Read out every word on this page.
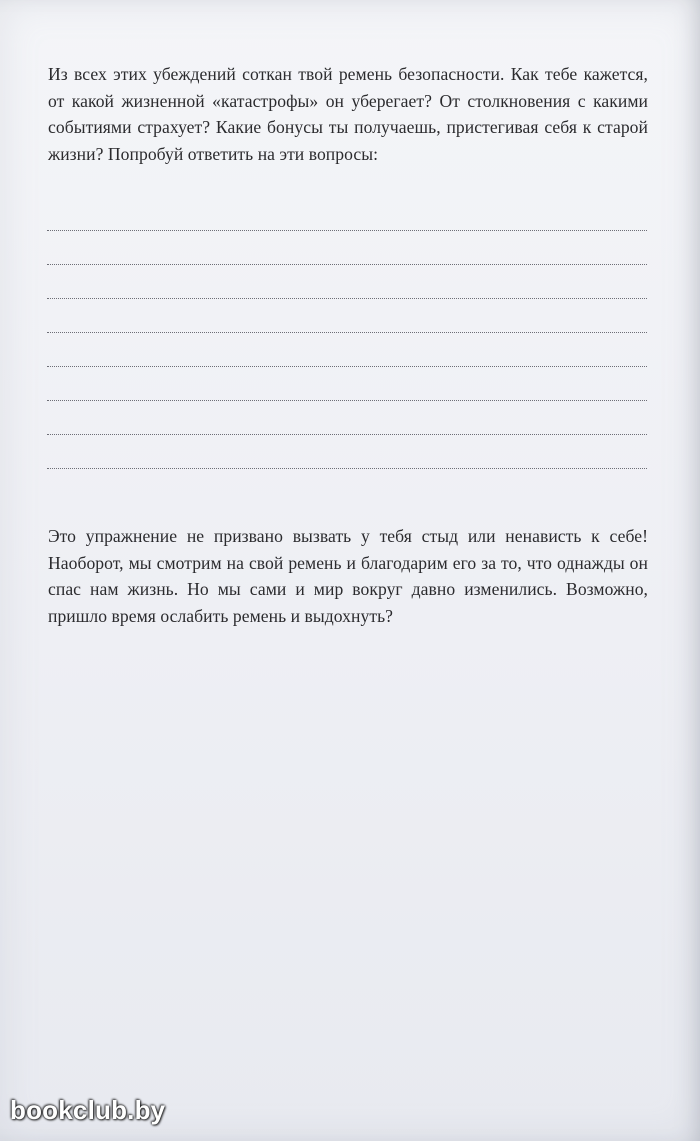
Из всех этих убеждений соткан твой ремень безопасности. Как тебе кажется, от какой жизненной «катастрофы» он уберегает? От столкновения с какими событиями страхует? Какие бонусы ты получаешь, пристегивая себя к старой жизни? Попробуй ответить на эти вопросы:

Это упражнение не призвано вызвать у тебя стыд или ненависть к себе! Наоборот, мы смотрим на свой ремень и благодарим его за то, что однажды он спас нам жизнь. Но мы сами и мир вокруг давно изменились. Возможно, пришло время ослабить ремень и выдохнуть?

bookclub.by
